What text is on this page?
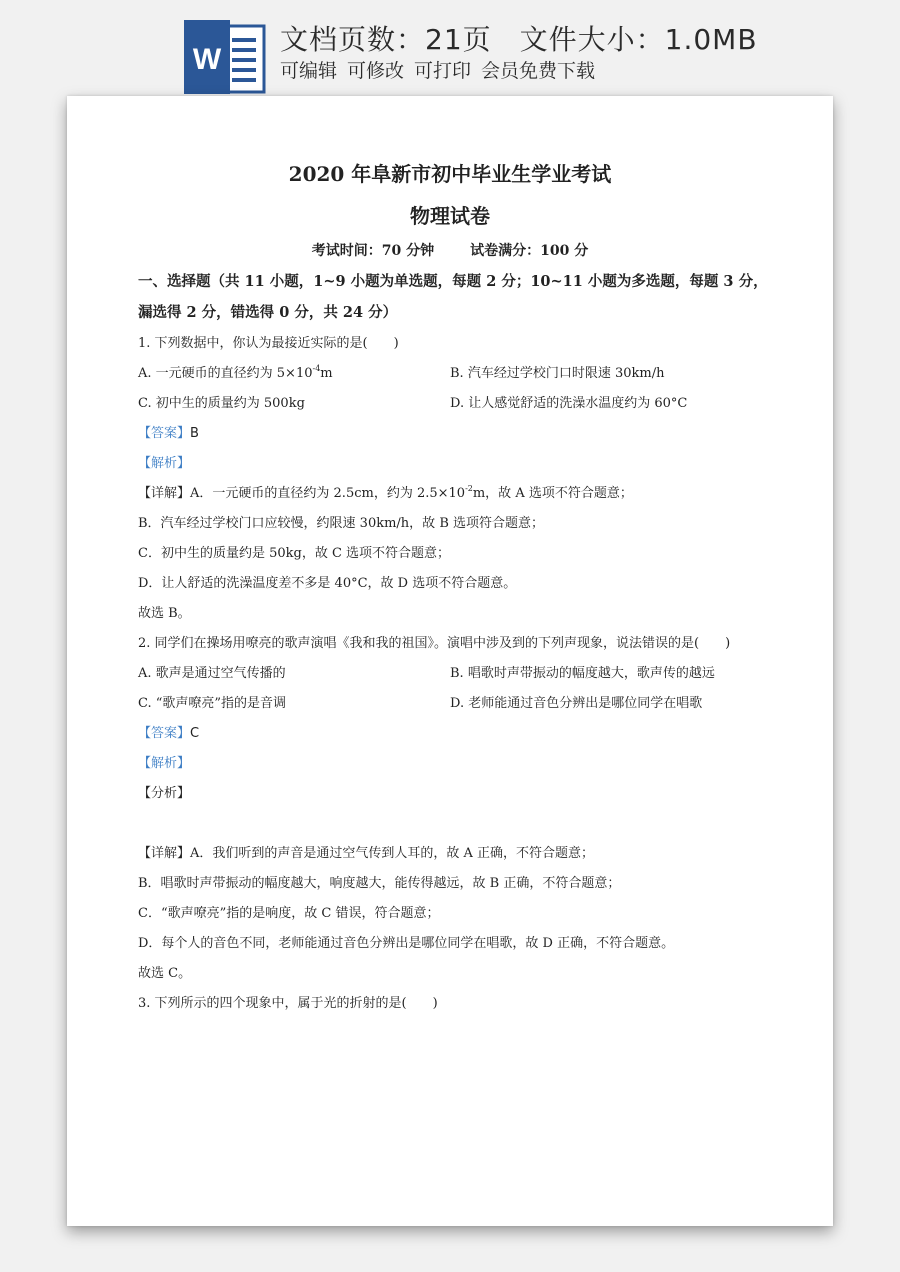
W
文档页数：21页 文件大小：1.0MB
可编辑 可修改 可打印 会员免费下载
2020 年阜新市初中毕业生学业考试
物理试卷
考试时间：70 分钟	试卷满分：100 分
一、选择题（共 11 小题，1~9 小题为单选题，每题 2 分；10~11 小题为多选题，每题 3 分，
漏选得 2 分，错选得 0 分，共 24 分）
1. 下列数据中，你认为最接近实际的是(　　)
A. 一元硬币的直径约为 $5\times 10^{-4}m$	B. 汽车经过学校门口时限速 30km/h
C. 初中生的质量约为 500kg	D. 让人感觉舒适的洗澡水温度约为 60°C
【答案】B
【解析】
【详解】A．一元硬币的直径约为 2.5cm，约为 $2.5\times 10^{-2}m$，故 A 选项不符合题意；
B．汽车经过学校门口应较慢，约限速 30km/h，故 B 选项符合题意；
C．初中生的质量约是 50kg，故 C 选项不符合题意；
D．让人舒适的洗澡温度差不多是 40°C，故 D 选项不符合题意。
故选 B。
2. 同学们在操场用嘹亮的歌声演唱《我和我的祖国》。演唱中涉及到的下列声现象，说法错误的是(　　)
A. 歌声是通过空气传播的	B. 唱歌时声带振动的幅度越大，歌声传的越远
C. “歌声嘹亮”指的是音调	D. 老师能通过音色分辨出是哪位同学在唱歌
【答案】C
【解析】
【分析】
【详解】A．我们听到的声音是通过空气传到人耳的，故 A 正确，不符合题意；
B．唱歌时声带振动的幅度越大，响度越大，能传得越远，故 B 正确，不符合题意；
C．“歌声嘹亮”指的是响度，故 C 错误，符合题意；
D．每个人的音色不同，老师能通过音色分辨出是哪位同学在唱歌，故 D 正确，不符合题意。
故选 C。
3. 下列所示的四个现象中，属于光的折射的是(　　)
